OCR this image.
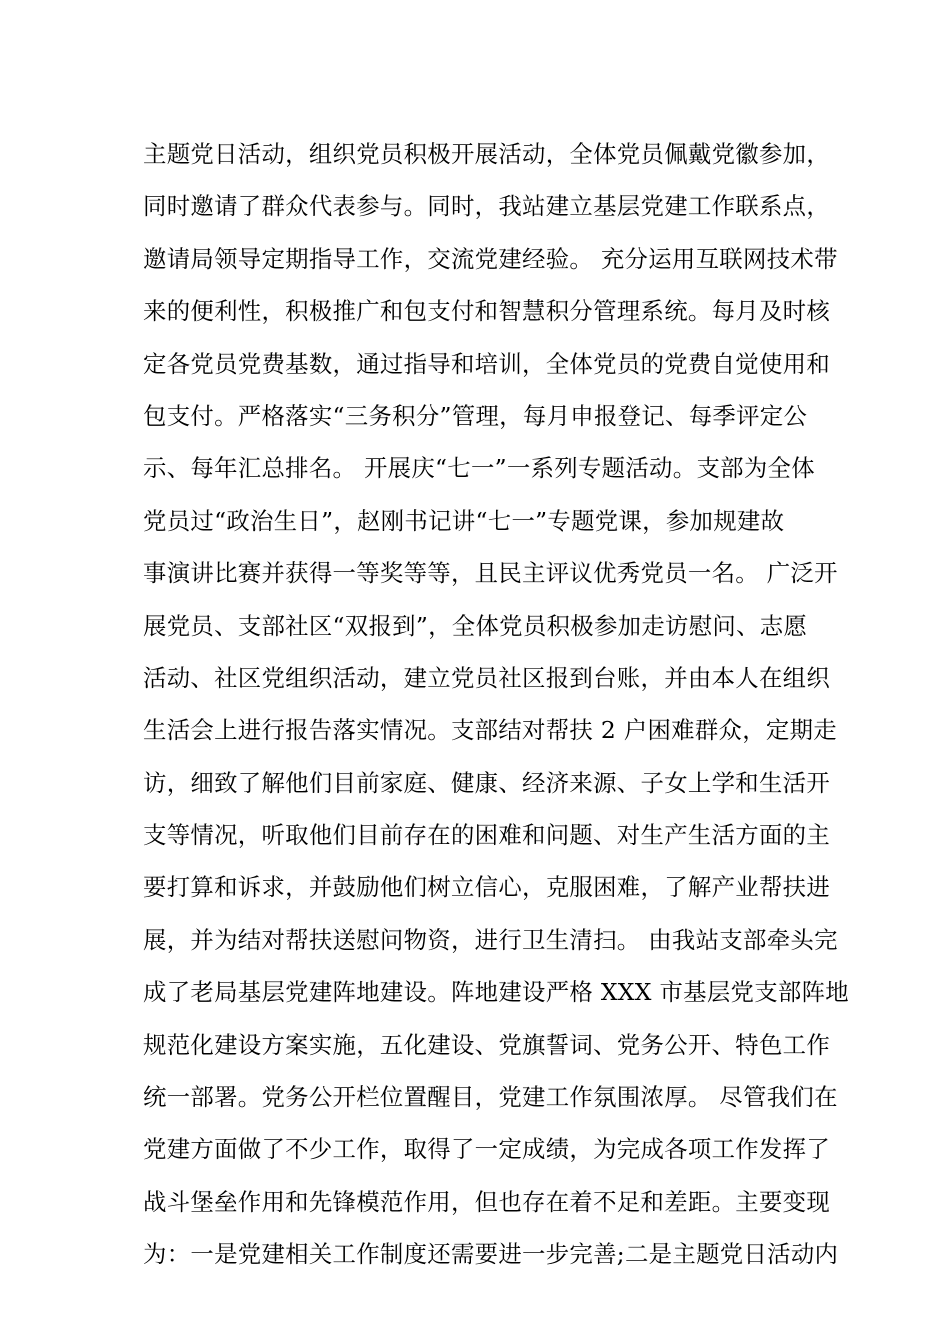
主题党日活动，组织党员积极开展活动，全体党员佩戴党徽参加，
同时邀请了群众代表参与。同时，我站建立基层党建工作联系点，
邀请局领导定期指导工作，交流党建经验。 充分运用互联网技术带
来的便利性，积极推广和包支付和智慧积分管理系统。每月及时核
定各党员党费基数，通过指导和培训，全体党员的党费自觉使用和
包支付。严格落实“三务积分”管理，每月申报登记、每季评定公
示、每年汇总排名。 开展庆“七一”一系列专题活动。支部为全体
党员过“政治生日”，赵刚书记讲“七一”专题党课，参加规建故
事演讲比赛并获得一等奖等等，且民主评议优秀党员一名。 广泛开
展党员、支部社区“双报到”，全体党员积极参加走访慰问、志愿
活动、社区党组织活动，建立党员社区报到台账，并由本人在组织
生活会上进行报告落实情况。支部结对帮扶 2 户困难群众，定期走
访，细致了解他们目前家庭、健康、经济来源、子女上学和生活开
支等情况，听取他们目前存在的困难和问题、对生产生活方面的主
要打算和诉求，并鼓励他们树立信心，克服困难，了解产业帮扶进
展，并为结对帮扶送慰问物资，进行卫生清扫。 由我站支部牵头完
成了老局基层党建阵地建设。阵地建设严格 XXX 市基层党支部阵地
规范化建设方案实施，五化建设、党旗誓词、党务公开、特色工作
统一部署。党务公开栏位置醒目，党建工作氛围浓厚。 尽管我们在
党建方面做了不少工作，取得了一定成绩，为完成各项工作发挥了
战斗堡垒作用和先锋模范作用，但也存在着不足和差距。主要变现
为：一是党建相关工作制度还需要进一步完善;二是主题党日活动内
